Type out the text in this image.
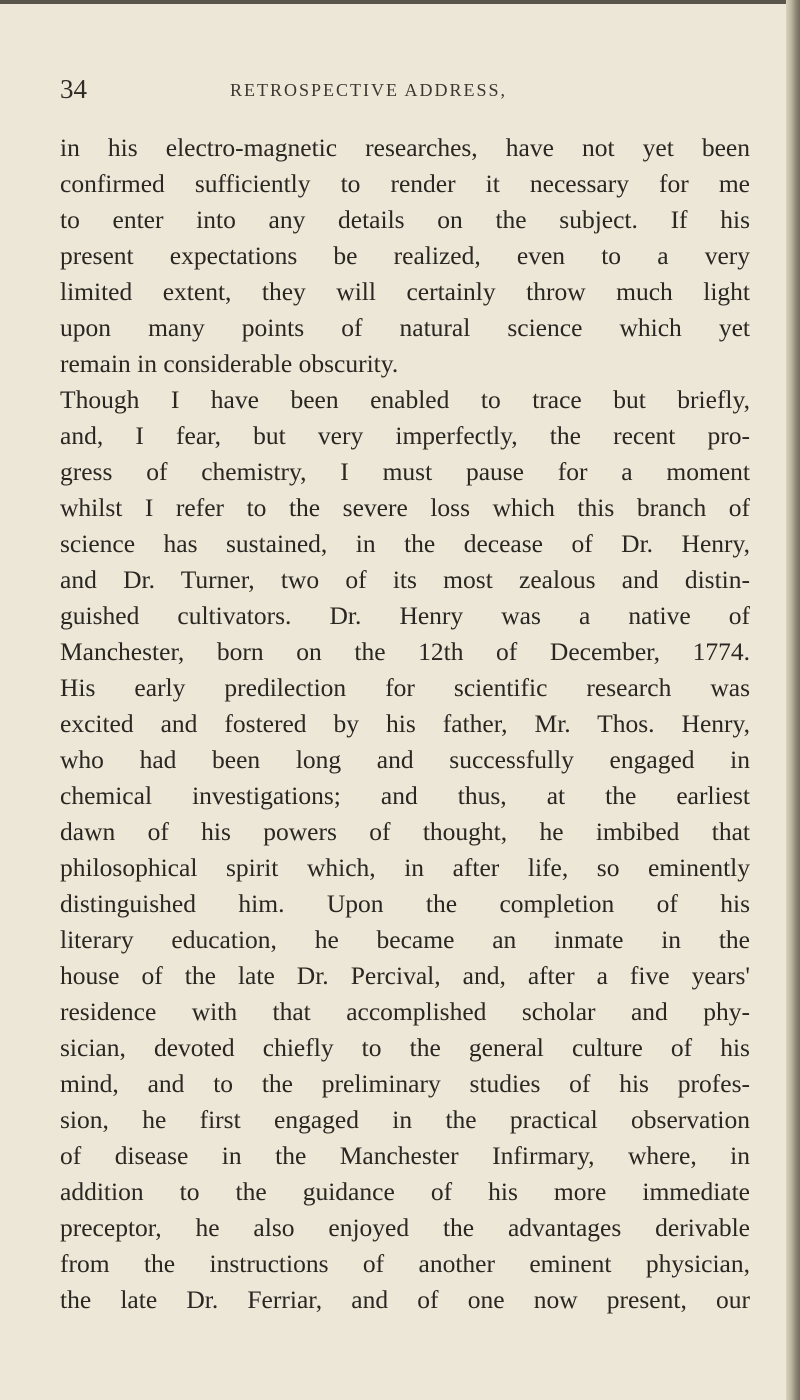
34	RETROSPECTIVE ADDRESS,
in his electro-magnetic researches, have not yet been
confirmed sufficiently to render it necessary for me
to enter into any details on the subject. If his
present expectations be realized, even to a very
limited extent, they will certainly throw much light
upon many points of natural science which yet
remain in considerable obscurity.
Though I have been enabled to trace but briefly,
and, I fear, but very imperfectly, the recent pro-
gress of chemistry, I must pause for a moment
whilst I refer to the severe loss which this branch of
science has sustained, in the decease of Dr. Henry,
and Dr. Turner, two of its most zealous and distin-
guished cultivators. Dr. Henry was a native of
Manchester, born on the 12th of December, 1774.
His early predilection for scientific research was
excited and fostered by his father, Mr. Thos. Henry,
who had been long and successfully engaged in
chemical investigations; and thus, at the earliest
dawn of his powers of thought, he imbibed that
philosophical spirit which, in after life, so eminently
distinguished him. Upon the completion of his
literary education, he became an inmate in the
house of the late Dr. Percival, and, after a five years'
residence with that accomplished scholar and phy-
sician, devoted chiefly to the general culture of his
mind, and to the preliminary studies of his profes-
sion, he first engaged in the practical observation
of disease in the Manchester Infirmary, where, in
addition to the guidance of his more immediate
preceptor, he also enjoyed the advantages derivable
from the instructions of another eminent physician,
the late Dr. Ferriar, and of one now present, our
